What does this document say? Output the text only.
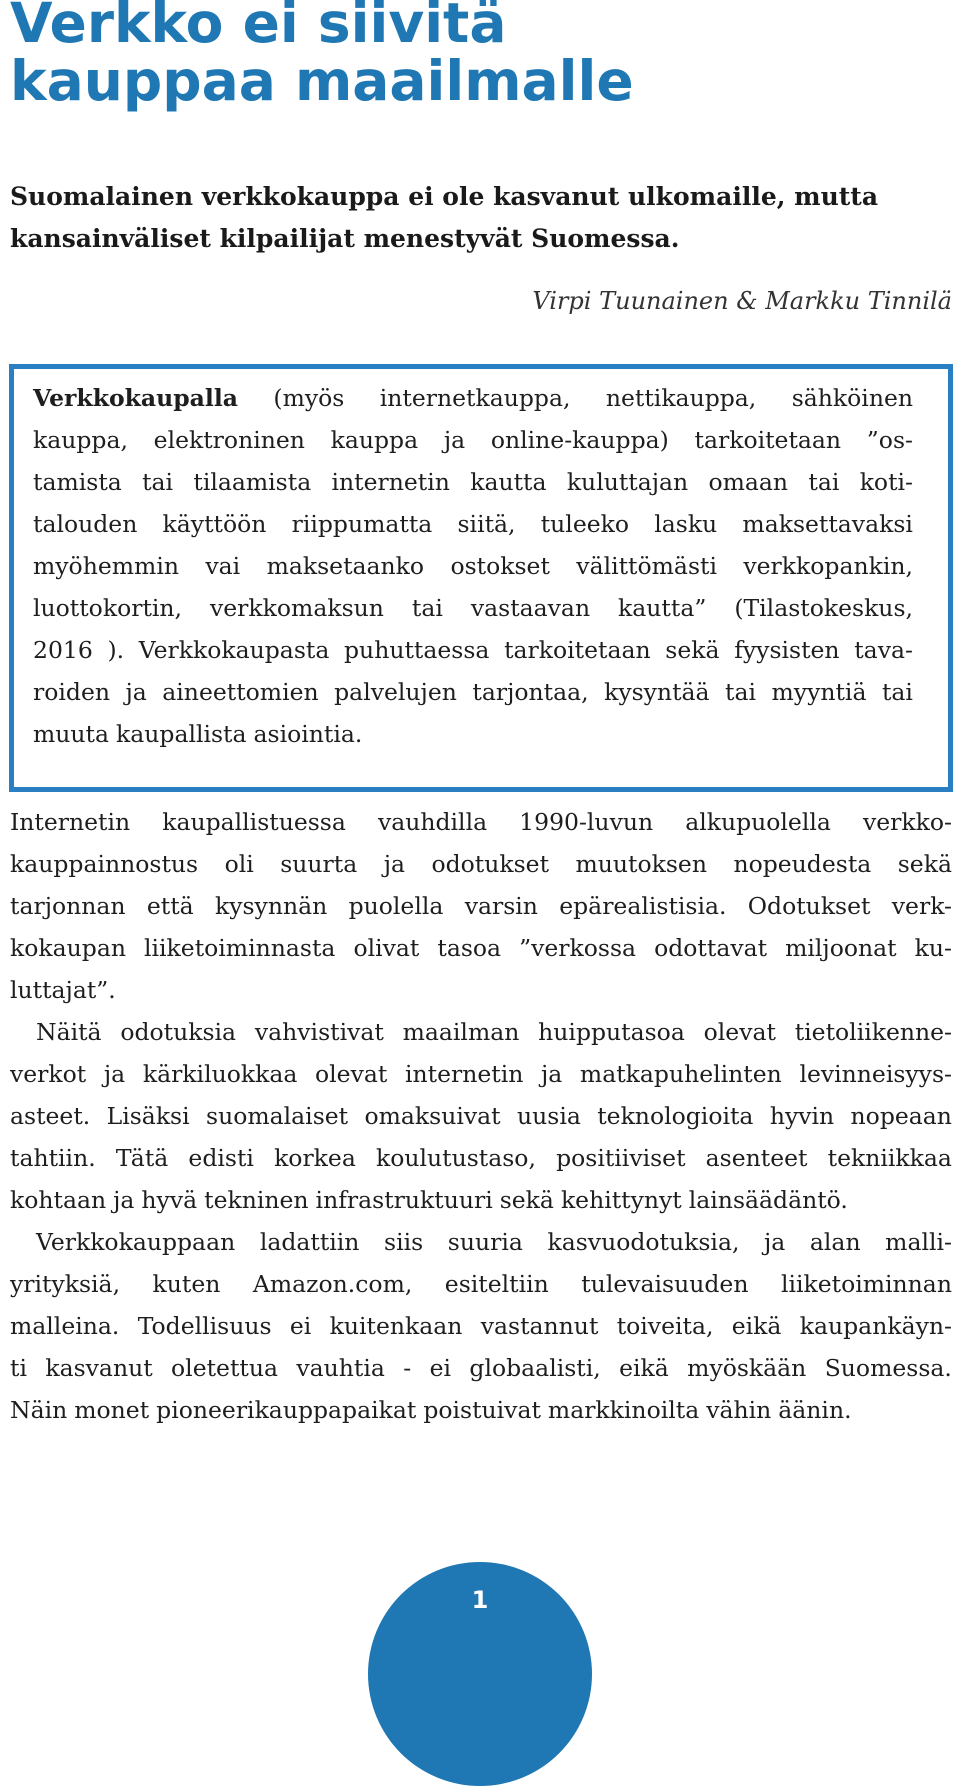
Verkko ei siivitä
kauppaa maailmalle

Suomalainen verkkokauppa ei ole kasvanut ulkomaille, mutta
kansainväliset kilpailijat menestyvät Suomessa.

Virpi Tuunainen & Markku Tinnilä
Verkkokaupalla (myös internetkauppa, nettikauppa, sähköinen
kauppa, elektroninen kauppa ja online-kauppa) tarkoitetaan ”os-
tamista tai tilaamista internetin kautta kuluttajan omaan tai koti-
talouden käyttöön riippumatta siitä, tuleeko lasku maksettavaksi
myöhemmin vai maksetaanko ostokset välittömästi verkkopankin,
luottokortin, verkkomaksun tai vastaavan kautta” (Tilastokeskus,
2016 ). Verkkokaupasta puhuttaessa tarkoitetaan sekä fyysisten tava-
roiden ja aineettomien palvelujen tarjontaa, kysyntää tai myyntiä tai
muuta kaupallista asiointia.
Internetin kaupallistuessa vauhdilla 1990-luvun alkupuolella verkko-
kauppainnostus oli suurta ja odotukset muutoksen nopeudesta sekä
tarjonnan että kysynnän puolella varsin epärealistisia. Odotukset verk-
kokaupan liiketoiminnasta olivat tasoa ”verkossa odottavat miljoonat ku-
luttajat”.
Näitä odotuksia vahvistivat maailman huipputasoa olevat tietoliikenne-
verkot ja kärkiluokkaa olevat internetin ja matkapuhelinten levinneisyys-
asteet. Lisäksi suomalaiset omaksuivat uusia teknologioita hyvin nopeaan
tahtiin. Tätä edisti korkea koulutustaso, positiiviset asenteet tekniikkaa
kohtaan ja hyvä tekninen infrastruktuuri sekä kehittynyt lainsäädäntö.
Verkkokauppaan ladattiin siis suuria kasvuodotuksia, ja alan malli-
yrityksiä, kuten Amazon.com, esiteltiin tulevaisuuden liiketoiminnan
malleina. Todellisuus ei kuitenkaan vastannut toiveita, eikä kaupankäyn-
ti kasvanut oletettua vauhtia - ei globaalisti, eikä myöskään Suomessa.
Näin monet pioneerikauppapaikat poistuivat markkinoilta vähin äänin.
1
